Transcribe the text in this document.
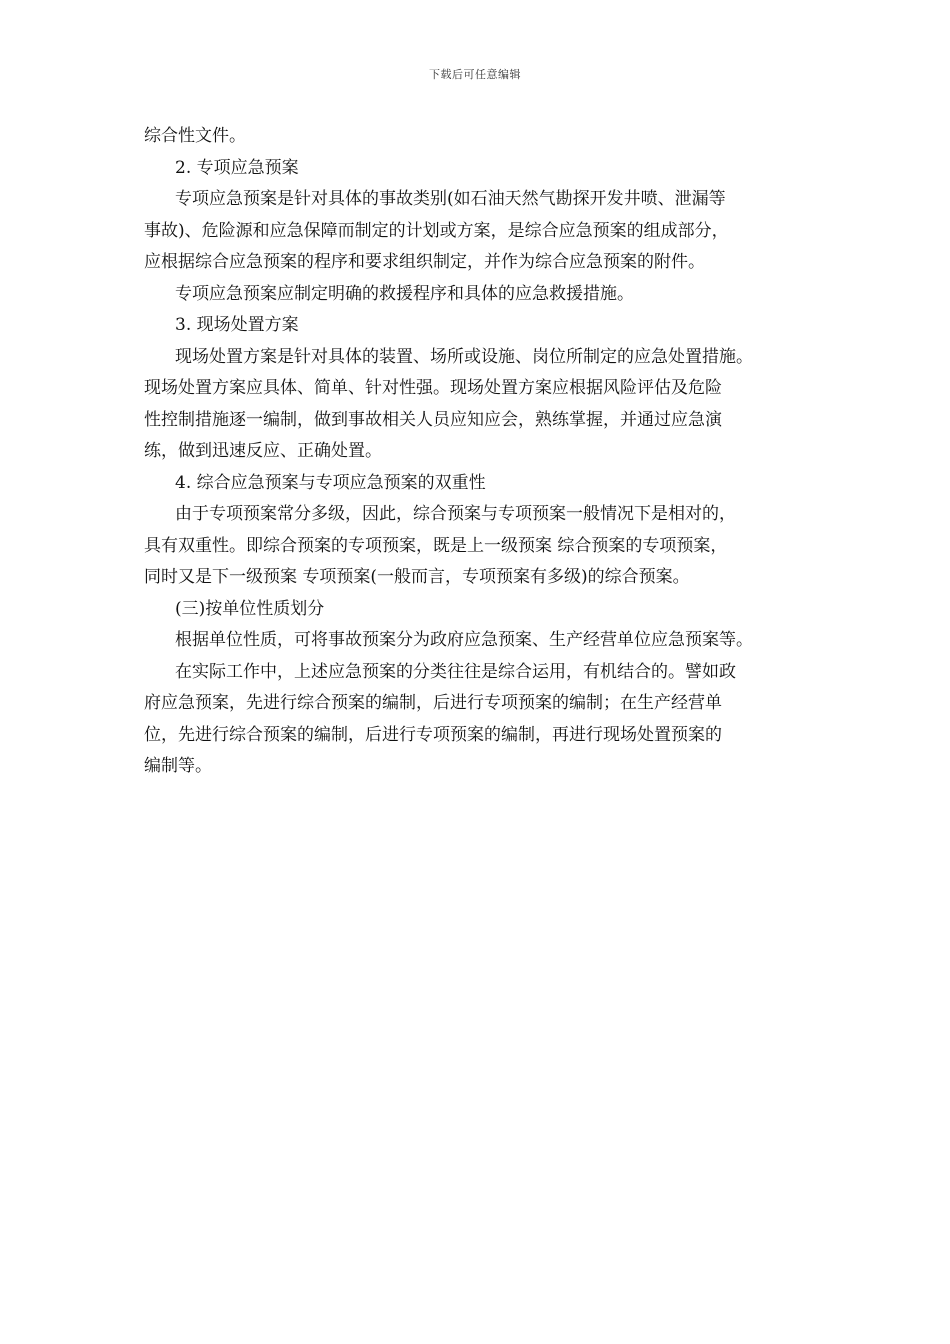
下载后可任意编辑
综合性文件。
2. 专项应急预案
专项应急预案是针对具体的事故类别(如石油天然气勘探开发井喷、泄漏等
事故)、危险源和应急保障而制定的计划或方案，是综合应急预案的组成部分，
应根据综合应急预案的程序和要求组织制定，并作为综合应急预案的附件。
专项应急预案应制定明确的救援程序和具体的应急救援措施。
3. 现场处置方案
现场处置方案是针对具体的装置、场所或设施、岗位所制定的应急处置措施。
现场处置方案应具体、简单、针对性强。现场处置方案应根据风险评估及危险
性控制措施逐一编制，做到事故相关人员应知应会，熟练掌握，并通过应急演
练，做到迅速反应、正确处置。
4. 综合应急预案与专项应急预案的双重性
由于专项预案常分多级，因此，综合预案与专项预案一般情况下是相对的，
具有双重性。即综合预案的专项预案，既是上一级预案 综合预案的专项预案，
同时又是下一级预案 专项预案(一般而言，专项预案有多级)的综合预案。
(三)按单位性质划分
根据单位性质，可将事故预案分为政府应急预案、生产经营单位应急预案等。
在实际工作中，上述应急预案的分类往往是综合运用，有机结合的。譬如政
府应急预案，先进行综合预案的编制，后进行专项预案的编制；在生产经营单
位，先进行综合预案的编制，后进行专项预案的编制，再进行现场处置预案的
编制等。
